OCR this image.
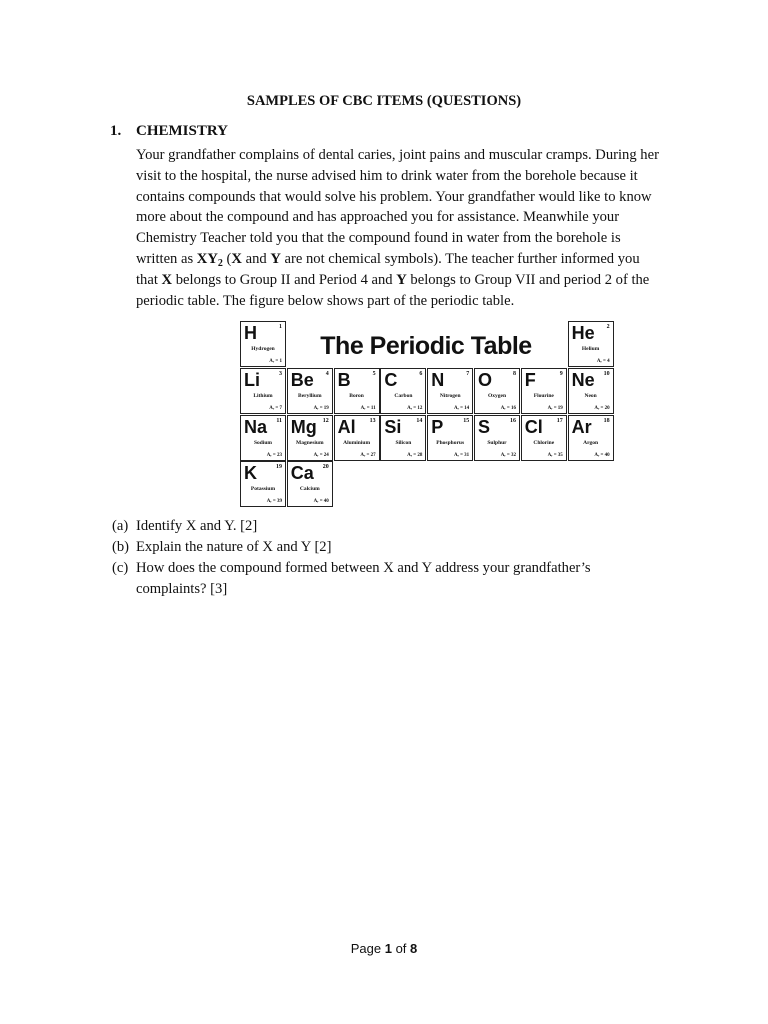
SAMPLES OF CBC ITEMS (QUESTIONS)
1. CHEMISTRY
Your grandfather complains of dental caries, joint pains and muscular cramps. During her
visit to the hospital, the nurse advised him to drink water from the borehole because it
contains compounds that would solve his problem. Your grandfather would like to know
more about the compound and has approached you for assistance. Meanwhile your
Chemistry Teacher told you that the compound found in water from the borehole is
written as $XY_2$ (X and Y are not chemical symbols). The teacher further informed you
that X belongs to Group II and Period 4 and Y belongs to Group VII and period 2 of the
periodic table. The figure below shows part of the periodic table.
The Periodic Table
H	1
Hydrogen
Aᵣ = 1
He 2
Helium
Aᵣ = 4
Li	3
Lithium
Aᵣ = 7
Be 4
Beryllium
Aᵣ = 19
B	5
Boron
Aᵣ = 11
C	6
Carbon
Aᵣ = 12
N	7
Nitrogen
Aᵣ = 14
O	8
Oxygen
Aᵣ = 16
F	9
Flourine
Aᵣ = 19
Ne 10
Neon
Aᵣ = 20
Na 11
Sodium
Aᵣ = 23
Mg 12
Magnesium
Aᵣ = 24
Al 13
Aluminium
Aᵣ = 27
Si 14
Silicon
Aᵣ = 28
P	15
Phosphorus
Aᵣ = 31
S	16
Sulphur
Aᵣ = 32
Cl 17
Chlorine
Aᵣ = 35
Ar 18
Argon
Aᵣ = 40
K	19
Potassium
Aᵣ = 39
Ca 20
Calcium
Aᵣ = 40
(a) Identify X and Y. [2]
(b) Explain the nature of X and Y [2]
(c) How does the compound formed between X and Y address your grandfather’s
complaints? [3]
Page 1 of 8
